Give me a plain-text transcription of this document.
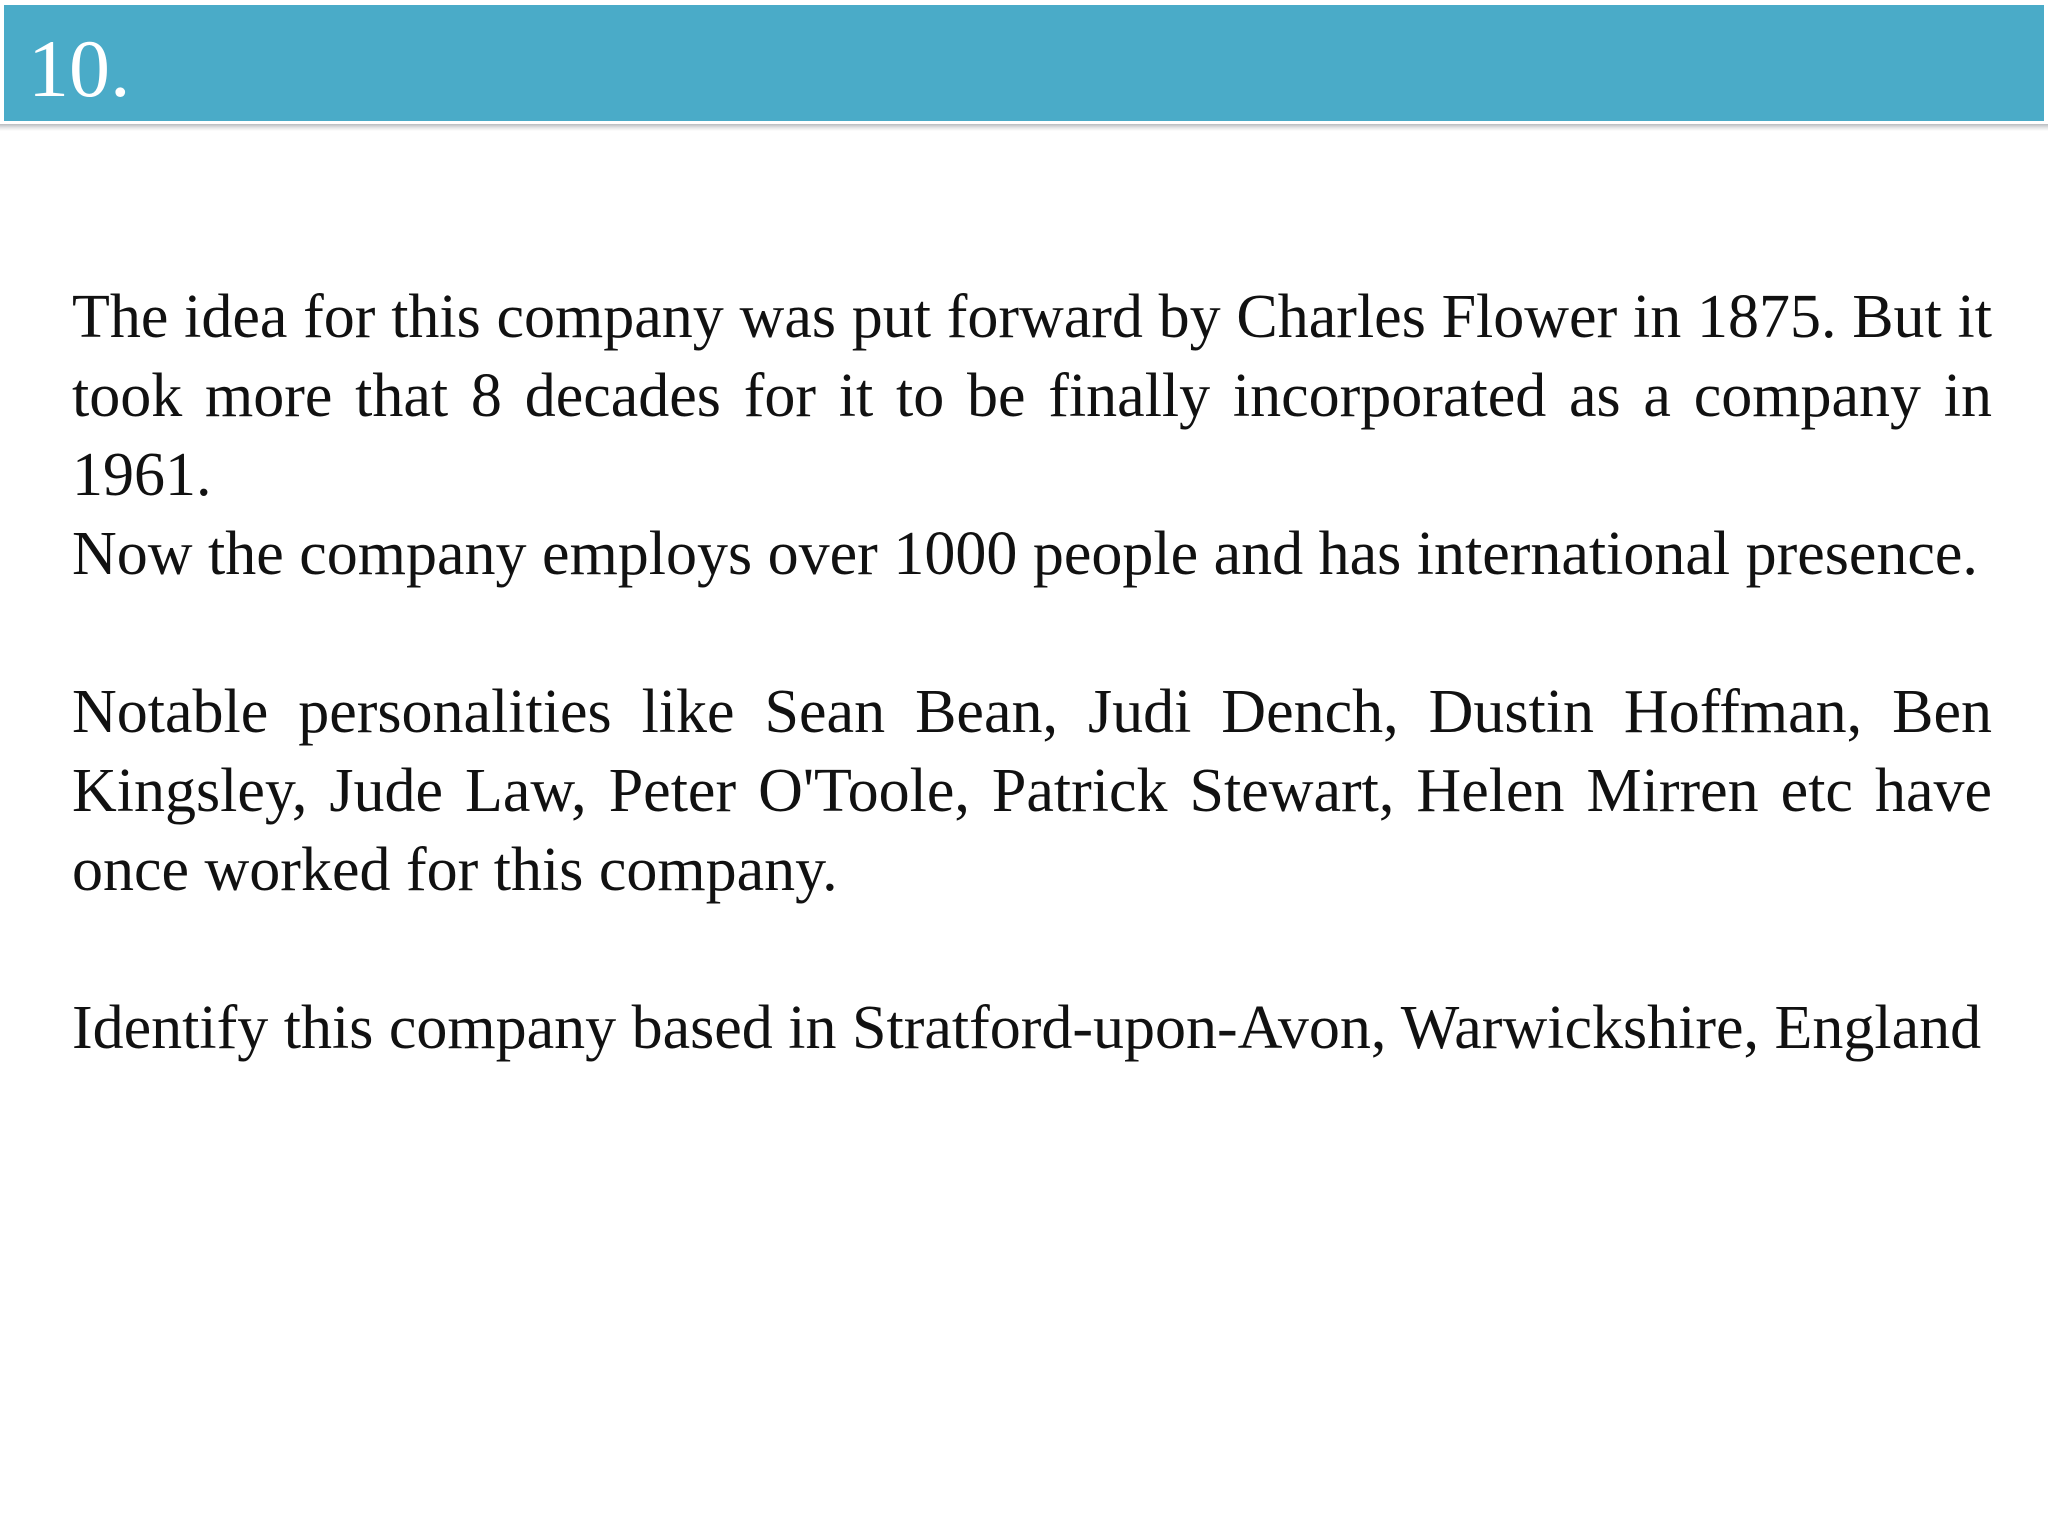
10.

The idea for this company was put forward by Charles Flower in 1875. But it took more that 8 decades for it to be finally incorporated as a company in 1961.

Now the company employs over 1000 people and has international presence.

Notable personalities like Sean Bean, Judi Dench, Dustin Hoffman, Ben Kingsley, Jude Law, Peter O'Toole, Patrick Stewart, Helen Mirren etc have once worked for this company.

Identify this company based in Stratford-upon-Avon, Warwickshire, England
